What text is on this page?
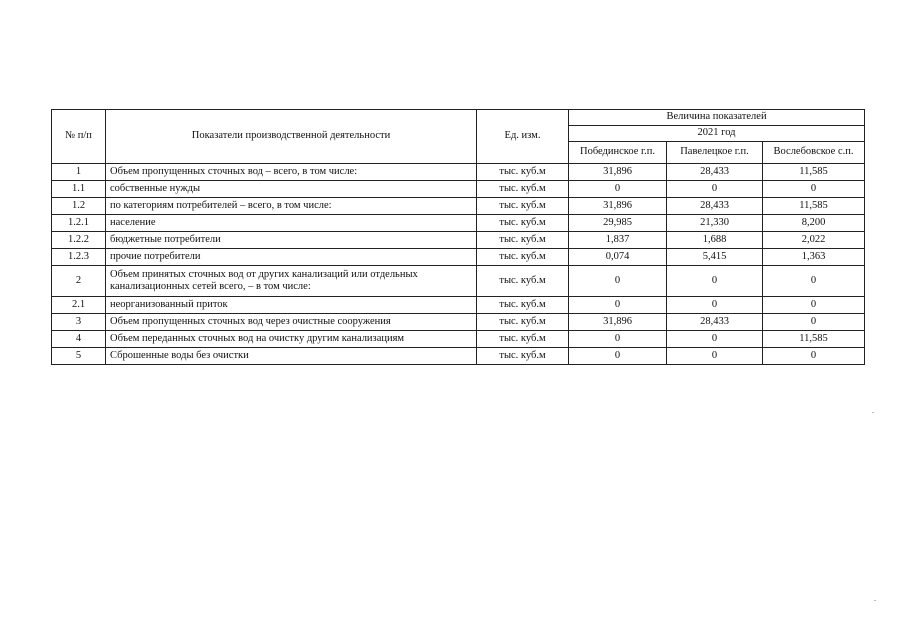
№ п/п	Показатели производственной деятельности	Ед. изм.	Величина показателей		
			2021 год		
			Побединское г.п.	Павелецкое г.п.	Вослебовское с.п.
1	Объем пропущенных сточных вод – всего, в том числе:	тыс. куб.м	31,896	28,433	11,585
1.1	собственные нужды	тыс. куб.м	0	0	0
1.2	по категориям потребителей – всего, в том числе:	тыс. куб.м	31,896	28,433	11,585
1.2.1	население	тыс. куб.м	29,985	21,330	8,200
1.2.2	бюджетные потребители	тыс. куб.м	1,837	1,688	2,022
1.2.3	прочие потребители	тыс. куб.м	0,074	5,415	1,363
2	Объем принятых сточных вод от других канализаций или отдельных канализационных сетей всего, – в том числе:	тыс. куб.м	0	0	0
2.1	неорганизованный приток	тыс. куб.м	0	0	0
3	Объем пропущенных сточных вод через очистные сооружения	тыс. куб.м	31,896	28,433	0
4	Объем переданных сточных вод на очистку другим канализациям	тыс. куб.м	0	0	11,585
5	Сброшенные воды без очистки	тыс. куб.м	0	0	0
